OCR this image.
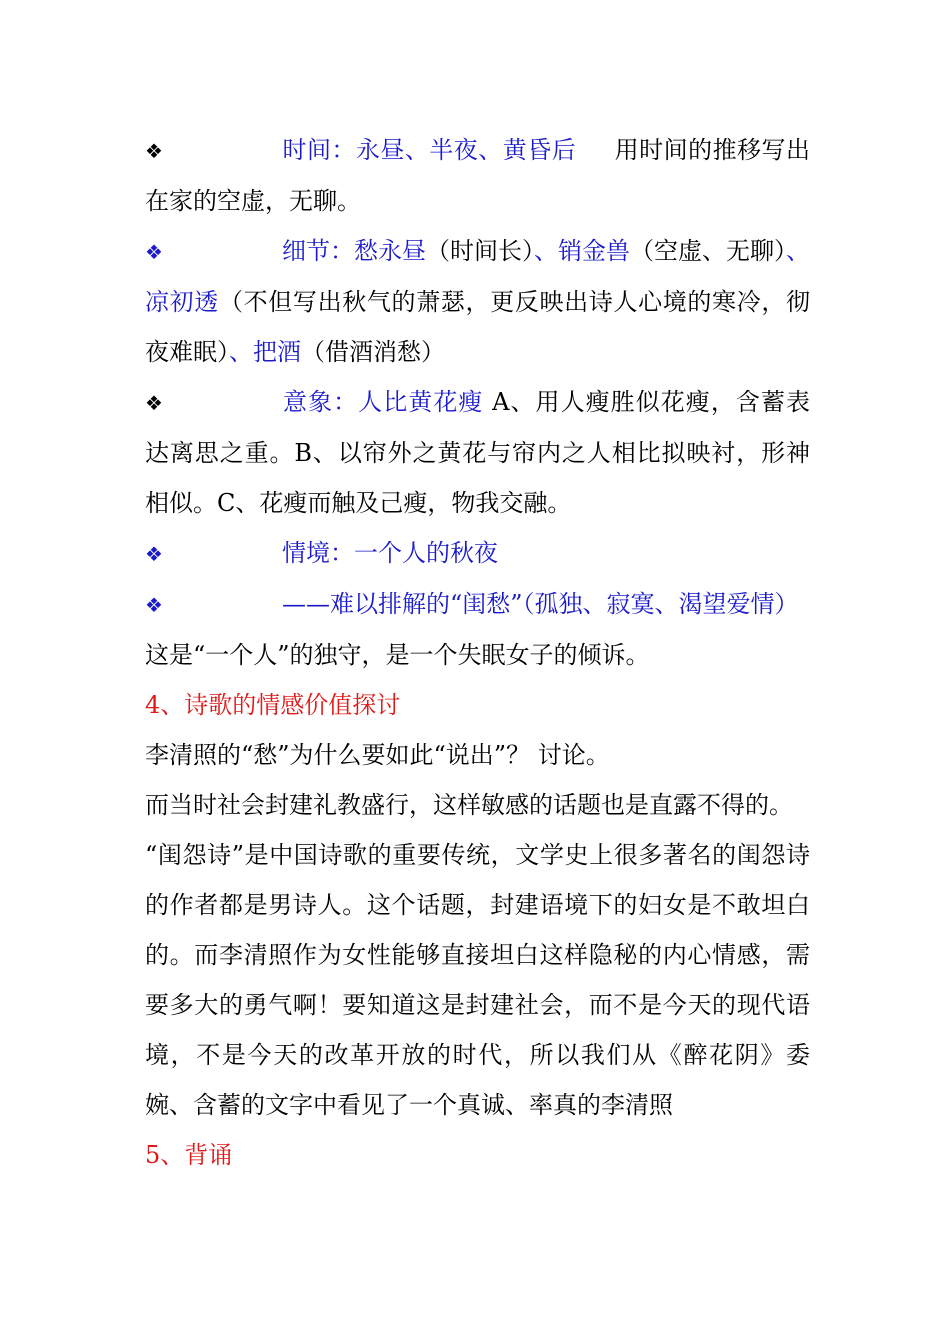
❖	时间：永昼、半夜、黄昏后 用时间的推移写出在家的空虚，无聊。

❖	细节：愁永昼（时间长）、销金兽（空虚、无聊）、凉初透（不但写出秋气的萧瑟，更反映出诗人心境的寒冷，彻夜难眠）、把酒（借酒消愁）

❖	意象：人比黄花瘦 A、用人瘦胜似花瘦，含蓄表达离思之重。B、以帘外之黄花与帘内之人相比拟映衬，形神相似。C、花瘦而触及己瘦，物我交融。

❖	情境：一个人的秋夜

❖	——难以排解的“闺愁”（孤独、寂寞、渴望爱情）

这是“一个人”的独守，是一个失眠女子的倾诉。

4、诗歌的情感价值探讨

李清照的“愁”为什么要如此“说出”？ 讨论。

而当时社会封建礼教盛行，这样敏感的话题也是直露不得的。

“闺怨诗”是中国诗歌的重要传统，文学史上很多著名的闺怨诗的作者都是男诗人。这个话题，封建语境下的妇女是不敢坦白的。而李清照作为女性能够直接坦白这样隐秘的内心情感，需要多大的勇气啊！要知道这是封建社会，而不是今天的现代语境，不是今天的改革开放的时代，所以我们从《醉花阴》委婉、含蓄的文字中看见了一个真诚、率真的李清照

5、背诵
